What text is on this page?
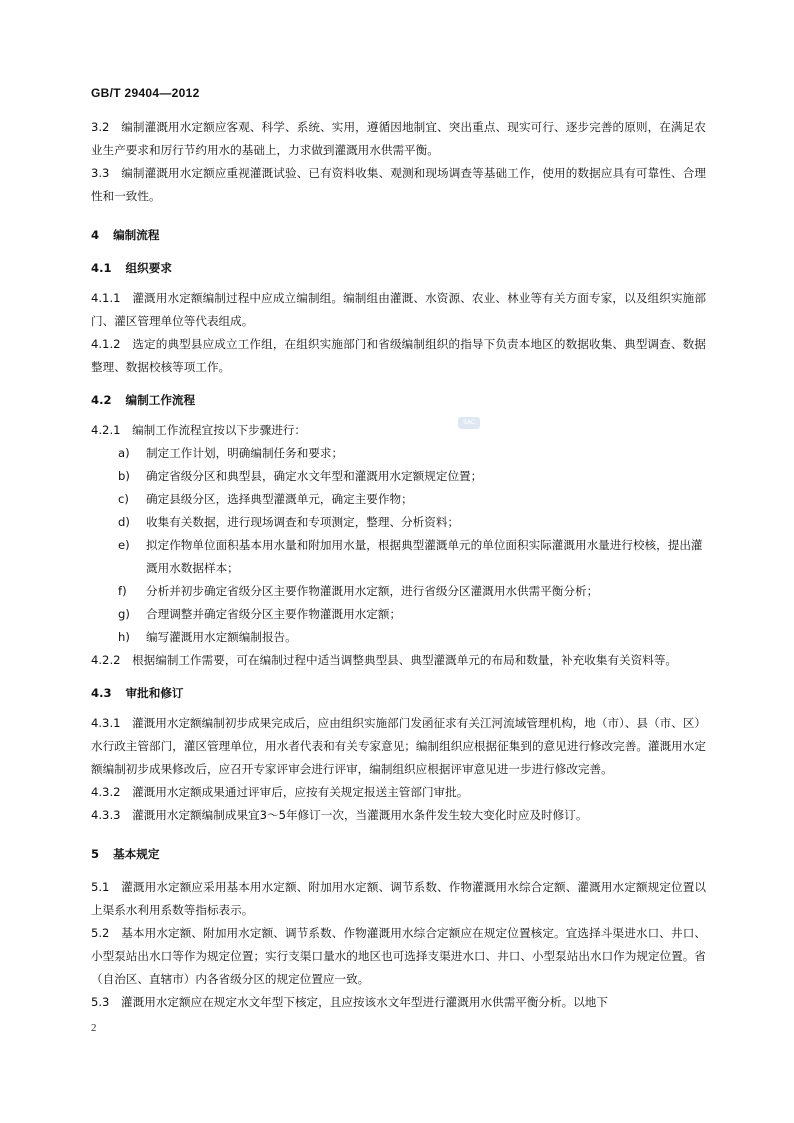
GB/T 29404—2012
SAC

3.2　编制灌溉用水定额应客观、科学、系统、实用，遵循因地制宜、突出重点、现实可行、逐步完善的原则，在满足农业生产要求和厉行节约用水的基础上，力求做到灌溉用水供需平衡。

3.3　编制灌溉用水定额应重视灌溉试验、已有资料收集、观测和现场调查等基础工作，使用的数据应具有可靠性、合理性和一致性。

4 编制流程

4.1 组织要求

4.1.1　灌溉用水定额编制过程中应成立编制组。编制组由灌溉、水资源、农业、林业等有关方面专家，以及组织实施部门、灌区管理单位等代表组成。

4.1.2　选定的典型县应成立工作组，在组织实施部门和省级编制组织的指导下负责本地区的数据收集、典型调查、数据整理、数据校核等项工作。

4.2 编制工作流程

4.2.1　编制工作流程宜按以下步骤进行：

a) 制定工作计划，明确编制任务和要求；

b) 确定省级分区和典型县，确定水文年型和灌溉用水定额规定位置；

c) 确定县级分区，选择典型灌溉单元，确定主要作物；

d) 收集有关数据，进行现场调查和专项测定，整理、分析资料；

e) 拟定作物单位面积基本用水量和附加用水量，根据典型灌溉单元的单位面积实际灌溉用水量进行校核，提出灌溉用水数据样本；

f) 分析并初步确定省级分区主要作物灌溉用水定额，进行省级分区灌溉用水供需平衡分析；

g) 合理调整并确定省级分区主要作物灌溉用水定额；

h) 编写灌溉用水定额编制报告。

4.2.2　根据编制工作需要，可在编制过程中适当调整典型县、典型灌溉单元的布局和数量，补充收集有关资料等。

4.3 审批和修订

4.3.1　灌溉用水定额编制初步成果完成后，应由组织实施部门发函征求有关江河流域管理机构，地（市）、县（市、区）水行政主管部门，灌区管理单位，用水者代表和有关专家意见；编制组织应根据征集到的意见进行修改完善。灌溉用水定额编制初步成果修改后，应召开专家评审会进行评审，编制组织应根据评审意见进一步进行修改完善。

4.3.2　灌溉用水定额成果通过评审后，应按有关规定报送主管部门审批。

4.3.3　灌溉用水定额编制成果宜3～5年修订一次，当灌溉用水条件发生较大变化时应及时修订。

5 基本规定

5.1　灌溉用水定额应采用基本用水定额、附加用水定额、调节系数、作物灌溉用水综合定额、灌溉用水定额规定位置以上渠系水利用系数等指标表示。

5.2　基本用水定额、附加用水定额、调节系数、作物灌溉用水综合定额应在规定位置核定。宜选择斗渠进水口、井口、小型泵站出水口等作为规定位置；实行支渠口量水的地区也可选择支渠进水口、井口、小型泵站出水口作为规定位置。省（自治区、直辖市）内各省级分区的规定位置应一致。

5.3　灌溉用水定额应在规定水文年型下核定，且应按该水文年型进行灌溉用水供需平衡分析。以地下

2
